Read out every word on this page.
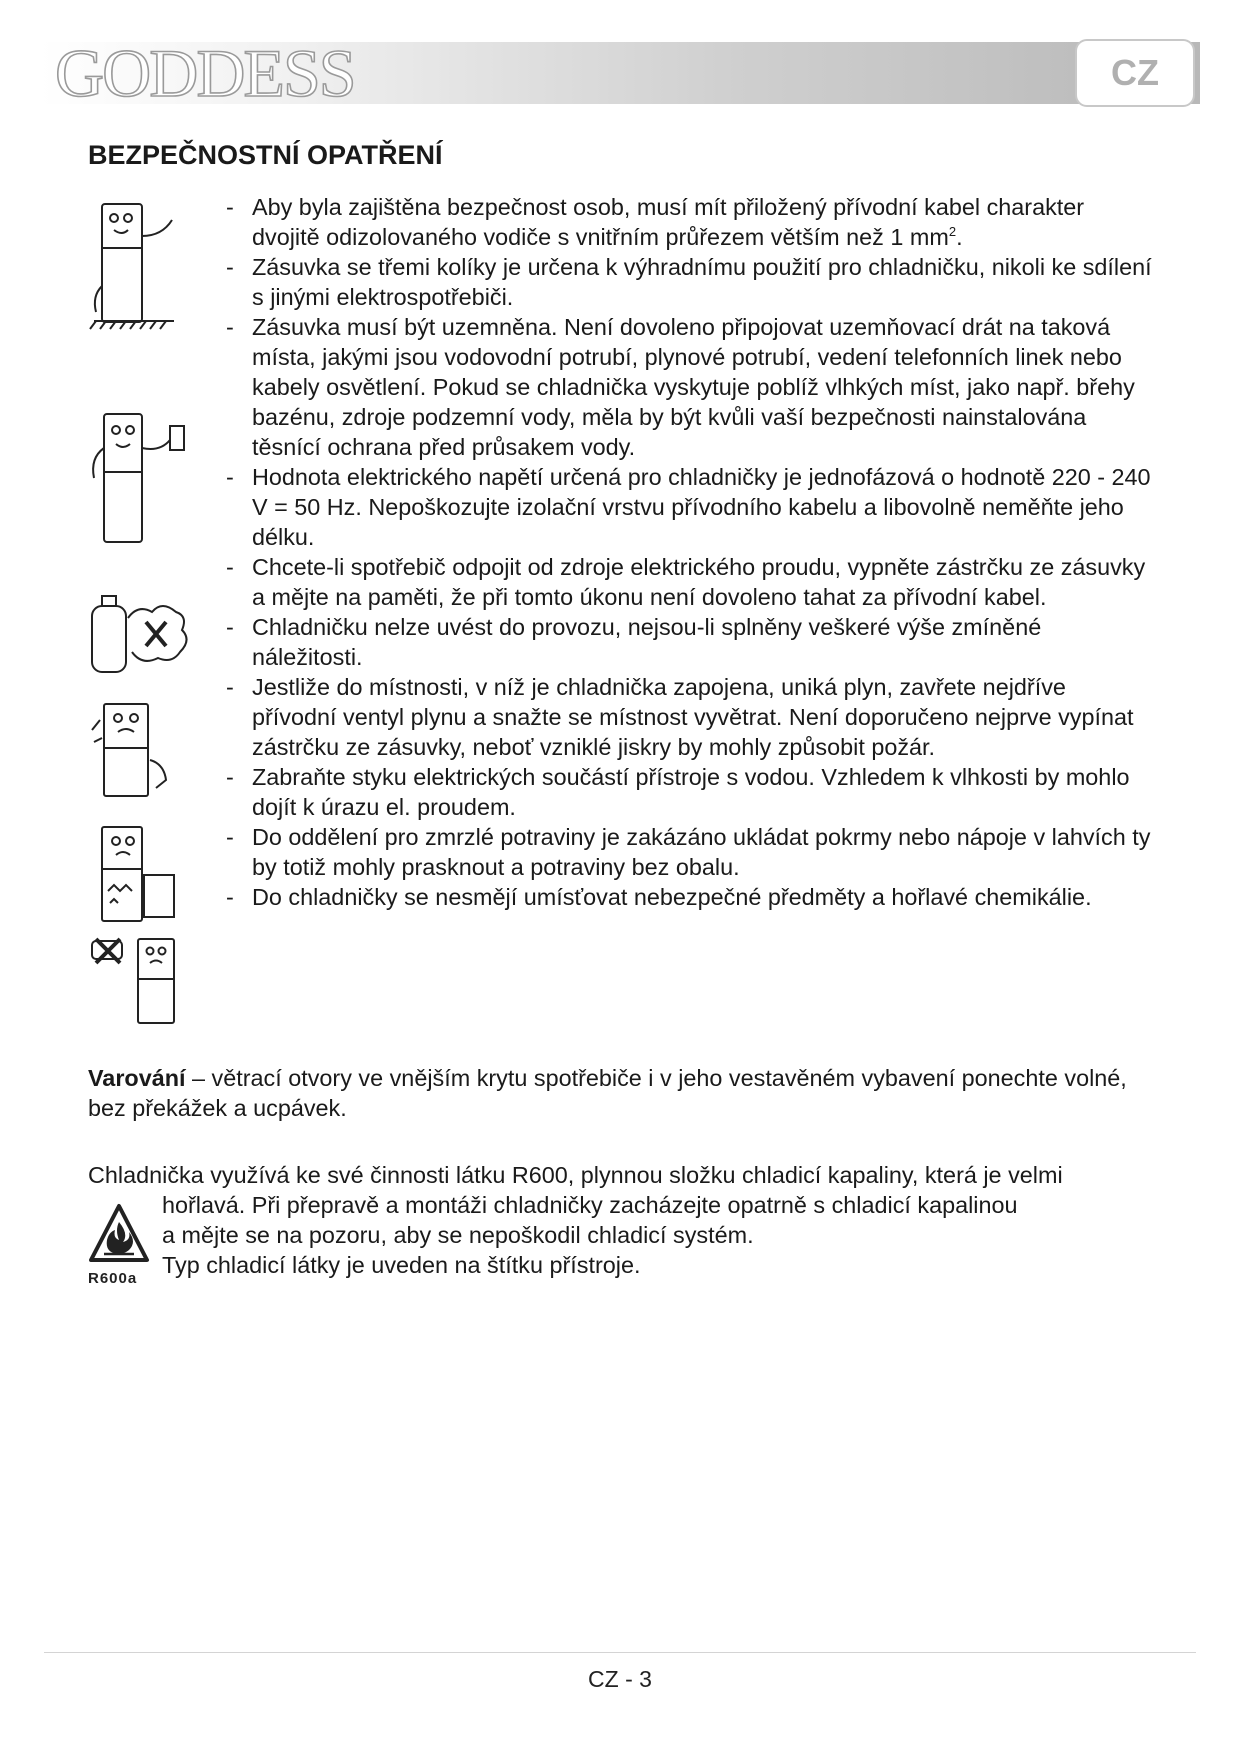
GODDESS	CZ
BEZPEČNOSTNÍ OPATŘENÍ
- Aby byla zajištěna bezpečnost osob, musí mít přiložený přívodní kabel charakter dvojitě odizolovaného vodiče s vnitřním průřezem větším než 1 $mm^2$.
- Zásuvka se třemi kolíky je určena k výhradnímu použití pro chladničku, nikoli ke sdílení s jinými elektrospotřebiči.
- Zásuvka musí být uzemněna. Není dovoleno připojovat uzemňovací drát na taková místa, jakými jsou vodovodní potrubí, plynové potrubí, vedení telefonních linek nebo kabely osvětlení. Pokud se chladnička vyskytuje poblíž vlhkých míst, jako např. břehy bazénu, zdroje podzemní vody, měla by být kvůli vaší bezpečnosti nainstalována těsnící ochrana před průsakem vody.
- Hodnota elektrického napětí určená pro chladničky je jednofázová o hodnotě 220 - 240 V = 50 Hz. Nepoškozujte izolační vrstvu přívodního kabelu a libovolně neměňte jeho délku.
- Chcete-li spotřebič odpojit od zdroje elektrického proudu, vypněte zástrčku ze zásuvky a mějte na paměti, že při tomto úkonu není dovoleno tahat za přívodní kabel.
- Chladničku nelze uvést do provozu, nejsou-li splněny veškeré výše zmíněné náležitosti.
- Jestliže do místnosti, v níž je chladnička zapojena, uniká plyn, zavřete nejdříve přívodní ventyl plynu a snažte se místnost vyvětrat. Není doporučeno nejprve vypínat zástrčku ze zásuvky, neboť vzniklé jiskry by mohly způsobit požár.
- Zabraňte styku elektrických součástí přístroje s vodou. Vzhledem k vlhkosti by mohlo dojít k úrazu el. proudem.
- Do oddělení pro zmrzlé potraviny je zakázáno ukládat pokrmy nebo nápoje v lahvích ty by totiž mohly prasknout a potraviny bez obalu.
- Do chladničky se nesmějí umísťovat nebezpečné předměty a hořlavé chemikálie.

Varování – větrací otvory ve vnějším krytu spotřebiče i v jeho vestavěném vybavení ponechte volné, bez překážek a ucpávek.

Chladnička využívá ke své činnosti látku R600, plynnou složku chladicí kapaliny, která je velmi

R600a
hořlavá. Při přepravě a montáži chladničky zacházejte opatrně s chladicí kapalinou
a mějte se na pozoru, aby se nepoškodil chladicí systém.
Typ chladicí látky je uveden na štítku přístroje.
CZ - 3
